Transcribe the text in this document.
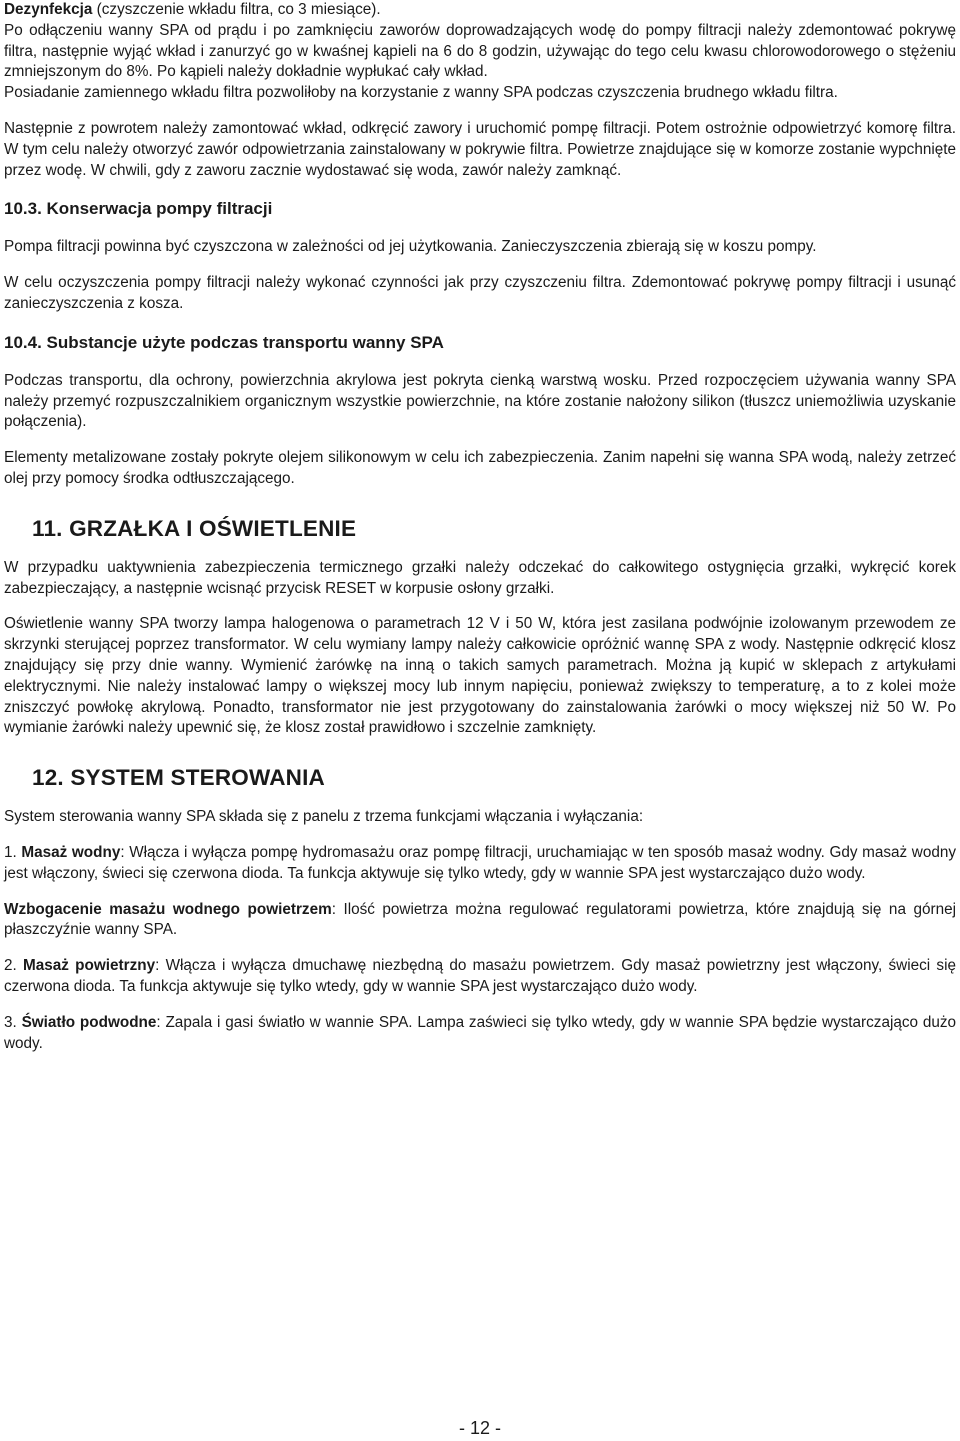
Dezynfekcja (czyszczenie wkładu filtra, co 3 miesiące).

Po odłączeniu wanny SPA od prądu i po zamknięciu zaworów doprowadzających wodę do pompy filtracji należy zdemontować pokrywę filtra, następnie wyjąć wkład i zanurzyć go w kwaśnej kąpieli na 6 do 8 godzin, używając do tego celu kwasu chlorowodorowego o stężeniu zmniejszonym do 8%. Po kąpieli należy dokładnie wypłukać cały wkład.

Posiadanie zamiennego wkładu filtra pozwoliłoby na korzystanie z wanny SPA podczas czyszczenia brudnego wkładu filtra.

Następnie z powrotem należy zamontować wkład, odkręcić zawory i uruchomić pompę filtracji. Potem ostrożnie odpowietrzyć komorę filtra. W tym celu należy otworzyć zawór odpowietrzania zainstalowany w pokrywie filtra. Powietrze znajdujące się w komorze zostanie wypchnięte przez wodę. W chwili, gdy z zaworu zacznie wydostawać się woda, zawór należy zamknąć.

10.3. Konserwacja pompy filtracji

Pompa filtracji powinna być czyszczona w zależności od jej użytkowania. Zanieczyszczenia zbierają się w koszu pompy.

W celu oczyszczenia pompy filtracji należy wykonać czynności jak przy czyszczeniu filtra. Zdemontować pokrywę pompy filtracji i usunąć zanieczyszczenia z kosza.

10.4. Substancje użyte podczas transportu wanny SPA

Podczas transportu, dla ochrony, powierzchnia akrylowa jest pokryta cienką warstwą wosku. Przed rozpoczęciem używania wanny SPA należy przemyć rozpuszczalnikiem organicznym wszystkie powierzchnie, na które zostanie nałożony silikon (tłuszcz uniemożliwia uzyskanie połączenia).

Elementy metalizowane zostały pokryte olejem silikonowym w celu ich zabezpieczenia. Zanim napełni się wanna SPA wodą, należy zetrzeć olej przy pomocy środka odtłuszczającego.

11. GRZAŁKA I OŚWIETLENIE

W przypadku uaktywnienia zabezpieczenia termicznego grzałki należy odczekać do całkowitego ostygnięcia grzałki, wykręcić korek zabezpieczający, a następnie wcisnąć przycisk RESET w korpusie osłony grzałki.

Oświetlenie wanny SPA tworzy lampa halogenowa o parametrach 12 V i 50 W, która jest zasilana podwójnie izolowanym przewodem ze skrzynki sterującej poprzez transformator. W celu wymiany lampy należy całkowicie opróżnić wannę SPA z wody. Następnie odkręcić klosz znajdujący się przy dnie wanny. Wymienić żarówkę na inną o takich samych parametrach. Można ją kupić w sklepach z artykułami elektrycznymi. Nie należy instalować lampy o większej mocy lub innym napięciu, ponieważ zwiększy to temperaturę, a to z kolei może zniszczyć powłokę akrylową. Ponadto, transformator nie jest przygotowany do zainstalowania żarówki o mocy większej niż 50 W. Po wymianie żarówki należy upewnić się, że klosz został prawidłowo i szczelnie zamknięty.

12. SYSTEM STEROWANIA

System sterowania wanny SPA składa się z panelu z trzema funkcjami włączania i wyłączania:

1. Masaż wodny: Włącza i wyłącza pompę hydromasażu oraz pompę filtracji, uruchamiając w ten sposób masaż wodny. Gdy masaż wodny jest włączony, świeci się czerwona dioda. Ta funkcja aktywuje się tylko wtedy, gdy w wannie SPA jest wystarczająco dużo wody.

Wzbogacenie masażu wodnego powietrzem: Ilość powietrza można regulować regulatorami powietrza, które znajdują się na górnej płaszczyźnie wanny SPA.

2. Masaż powietrzny: Włącza i wyłącza dmuchawę niezbędną do masażu powietrzem. Gdy masaż powietrzny jest włączony, świeci się czerwona dioda. Ta funkcja aktywuje się tylko wtedy, gdy w wannie SPA jest wystarczająco dużo wody.

3. Światło podwodne: Zapala i gasi światło w wannie SPA. Lampa zaświeci się tylko wtedy, gdy w wannie SPA będzie wystarczająco dużo wody.

- 12 -
